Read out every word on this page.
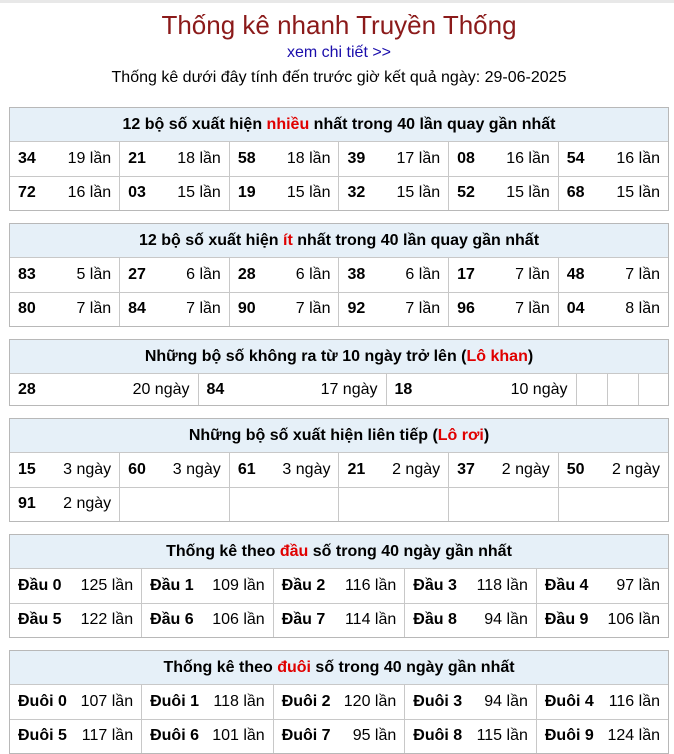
Thống kê nhanh Truyền Thống
xem chi tiết >>
Thống kê dưới đây tính đến trước giờ kết quả ngày: 29-06-2025
12 bộ số xuất hiện nhiều nhất trong 40 lần quay gần nhất
34 19 lần	21 18 lần	58 18 lần	39 17 lần	08 16 lần	54 16 lần

72 16 lần	03 15 lần	19 15 lần	32 15 lần	52 15 lần	68 15 lần
12 bộ số xuất hiện ít nhất trong 40 lần quay gần nhất
83 5 lần	27 6 lần	28 6 lần	38 6 lần	17 7 lần	48 7 lần

80 7 lần	84 7 lần	90 7 lần	92 7 lần	96 7 lần	04 8 lần
Những bộ số không ra từ 10 ngày trở lên (Lô khan)
28	20 ngày	84	17 ngày	18	10 ngày

Những bộ số xuất hiện liên tiếp (Lô rơi)
15 3 ngày	60 3 ngày	61 3 ngày	21 2 ngày	37 2 ngày	50 2 ngày

91 2 ngày					

Thống kê theo đầu số trong 40 ngày gần nhất
Đầu 0 125 lần	Đầu 1 109 lần	Đầu 2 116 lần	Đầu 3 118 lần	Đầu 4 97 lần

Đầu 5 122 lần	Đầu 6 106 lần	Đầu 7 114 lần	Đầu 8 94 lần	Đầu 9 106 lần
Thống kê theo đuôi số trong 40 ngày gần nhất
Đuôi 0 107 lần	Đuôi 1 118 lần	Đuôi 2 120 lần	Đuôi 3 94 lần	Đuôi 4 116 lần

Đuôi 5 117 lần	Đuôi 6 101 lần	Đuôi 7 95 lần	Đuôi 8 115 lần	Đuôi 9 124 lần
